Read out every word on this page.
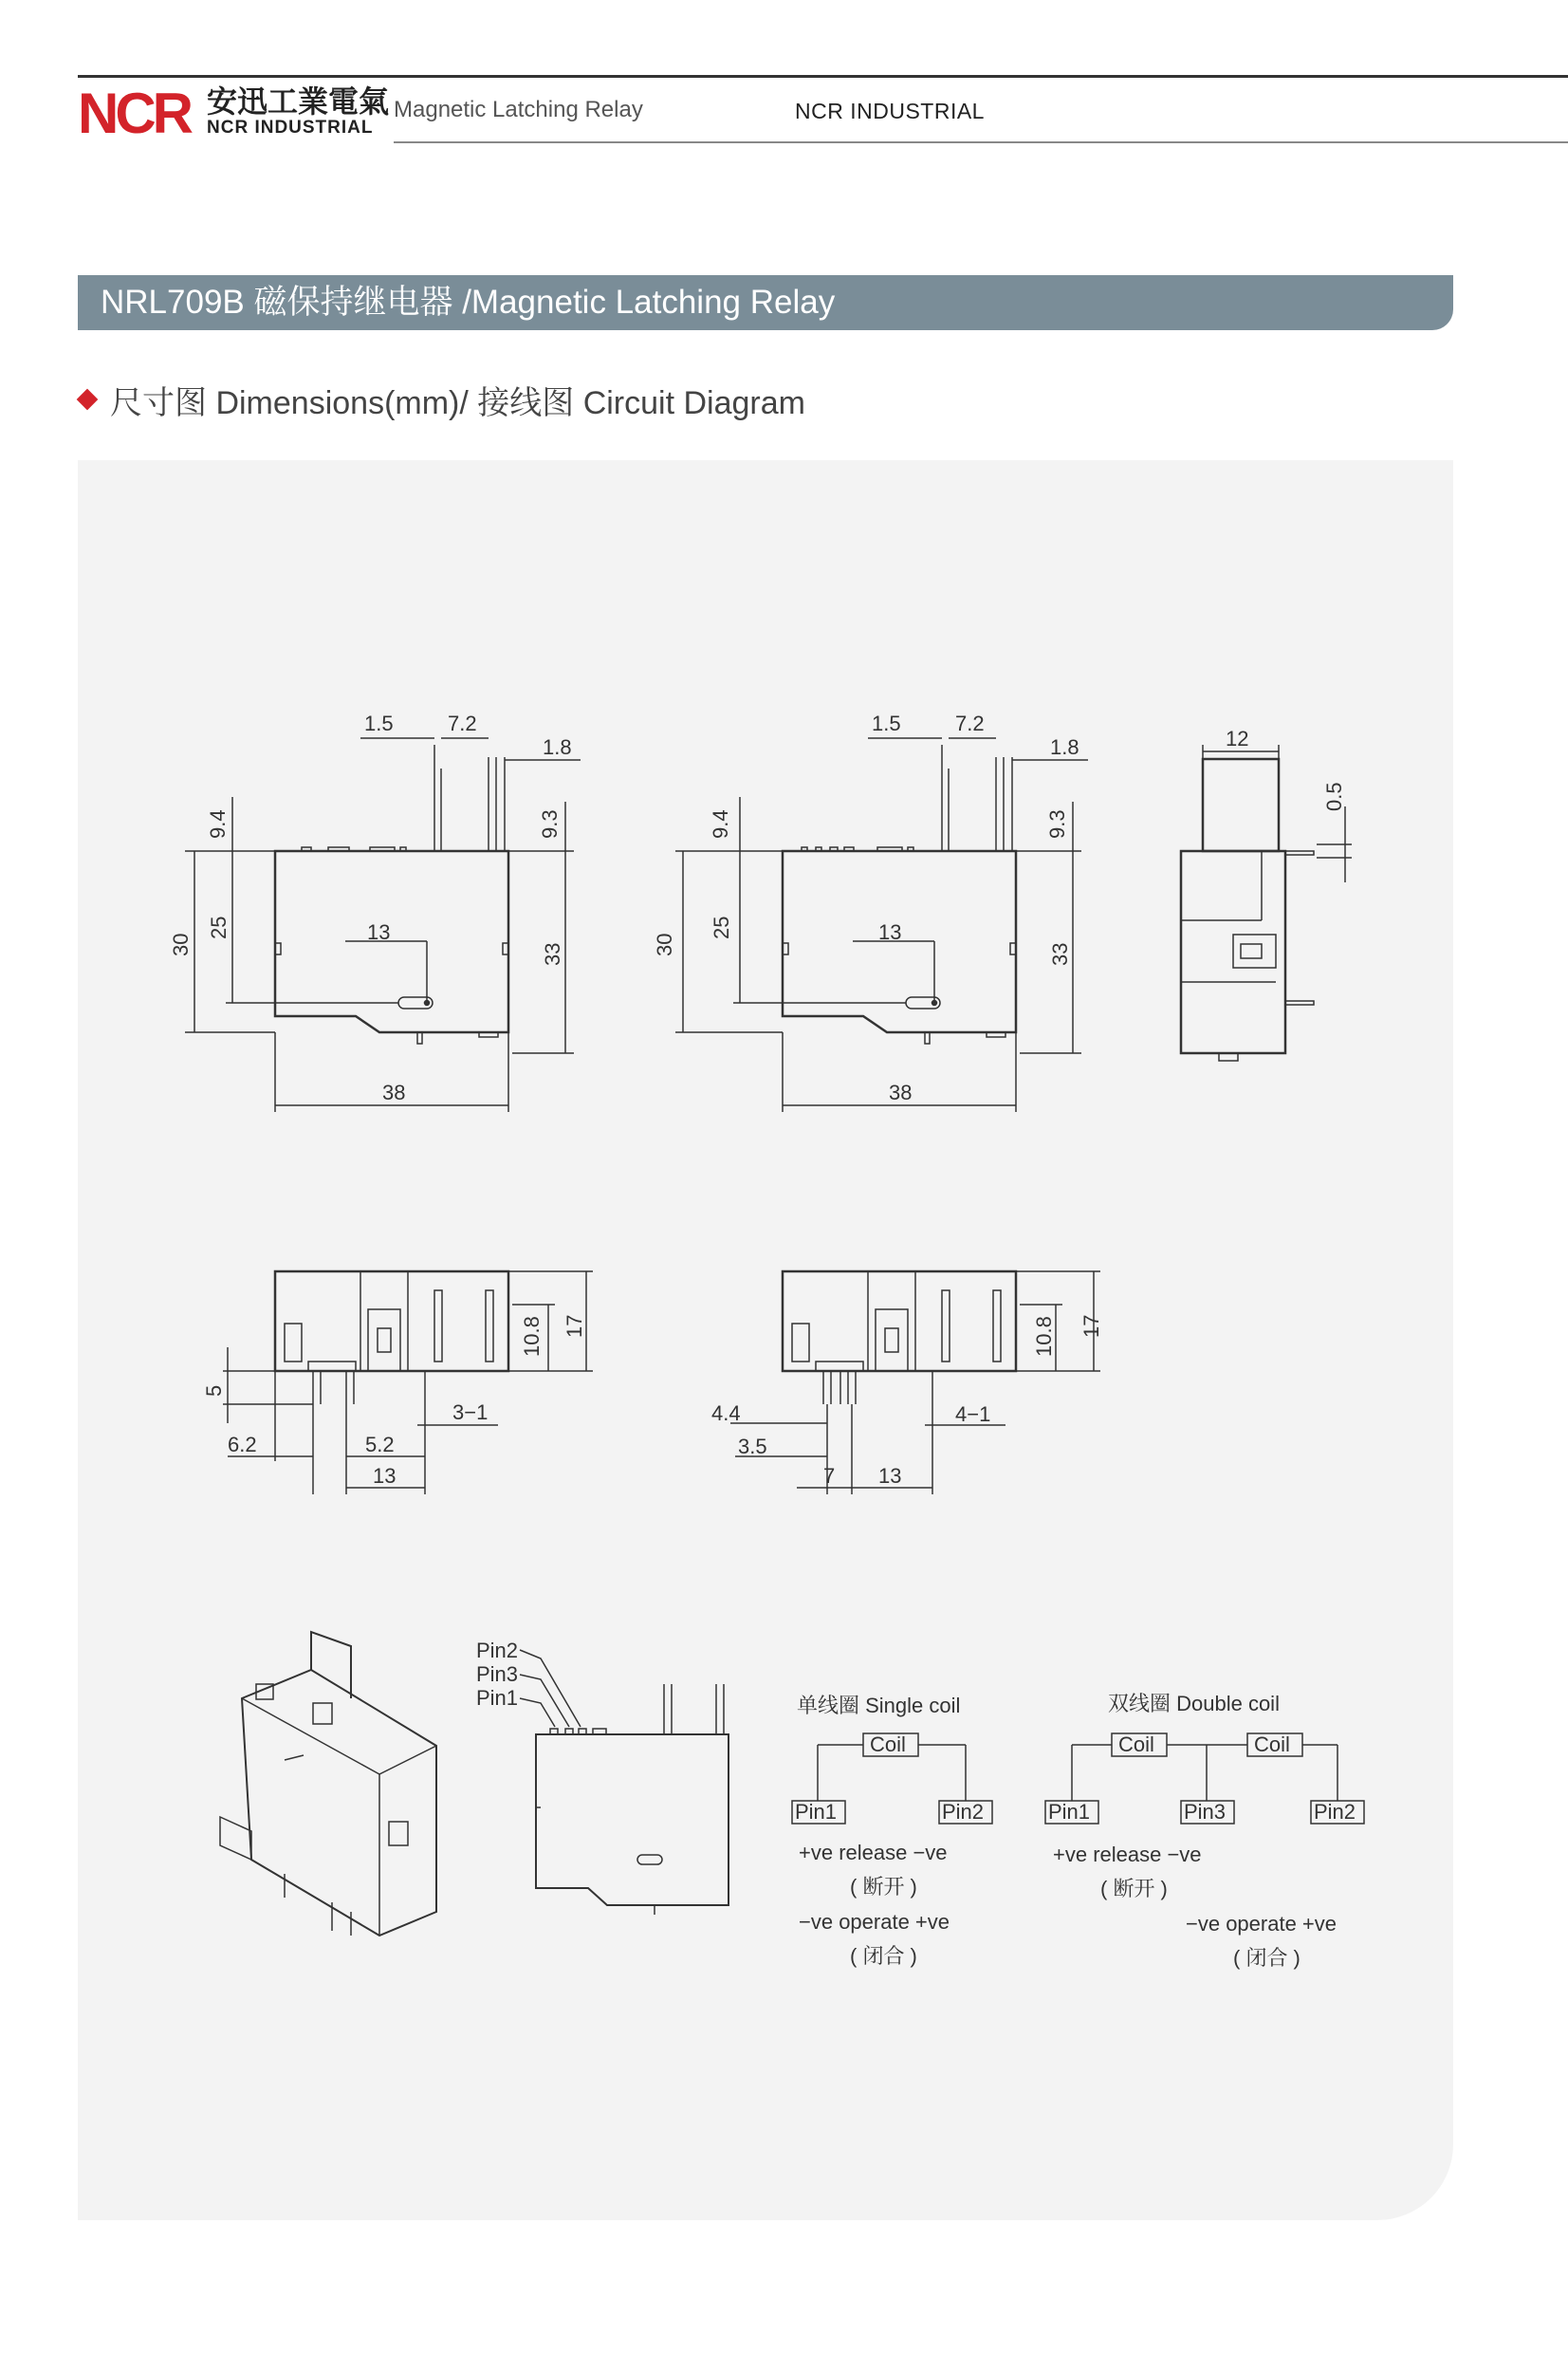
NCR 安迅工業電氣
NCR INDUSTRIAL
Magnetic Latching Relay	NCR INDUSTRIAL
NRL709B 磁保持继电器 /Magnetic Latching Relay
尺寸图 Dimensions(mm)/ 接线图 Circuit Diagram
1.5	7.2
1.8
9.4	9.3
30
25	13
33
38
1.5	7.2
1.8
9.4	9.3
30
25	13
33
38
12
0.5
10.8 17
5
6.2	5.2
3−1
13
10.8 17
4.4
3.5
7
4−1
13
Pin2
Pin3
Pin1	单线圈 Single coil
Coil
Pin1	Pin2
+ve release −ve
( 断开 )
−ve operate +ve
( 闭合 )
双线圈 Double coil
Coil	Coil
Pin1	Pin3	Pin2
+ve release −ve
( 断开 )
−ve operate +ve
( 闭合 )
